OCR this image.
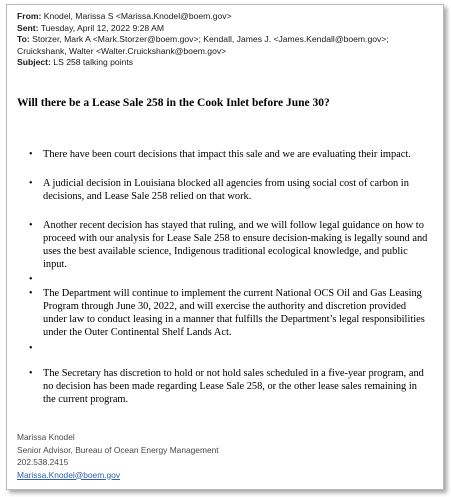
From: Knodel, Marissa S <Marissa.Knodel@boem.gov>
Sent: Tuesday, April 12, 2022 9:28 AM
To: Storzer, Mark A <Mark.Storzer@boem.gov>; Kendall, James J. <James.Kendall@boem.gov>;
Cruickshank, Walter <Walter.Cruickshank@boem.gov>
Subject: LS 258 talking points
Will there be a Lease Sale 258 in the Cook Inlet before June 30?
• There have been court decisions that impact this sale and we are evaluating their impact.
• A judicial decision in Louisiana blocked all agencies from using social cost of carbon in decisions, and Lease Sale 258 relied on that work.
• Another recent decision has stayed that ruling, and we will follow legal guidance on how to proceed with our analysis for Lease Sale 258 to ensure decision-making is legally sound and uses the best available science, Indigenous traditional ecological knowledge, and public input.
•
• The Department will continue to implement the current National OCS Oil and Gas Leasing Program through June 30, 2022, and will exercise the authority and discretion provided under law to conduct leasing in a manner that fulfills the Department’s legal responsibilities under the Outer Continental Shelf Lands Act.
•
• The Secretary has discretion to hold or not hold sales scheduled in a five-year program, and no decision has been made regarding Lease Sale 258, or the other lease sales remaining in the current program.
Marissa Knodel
Senior Advisor, Bureau of Ocean Energy Management
202.538.2415
Marissa.Knodel@boem.gov
